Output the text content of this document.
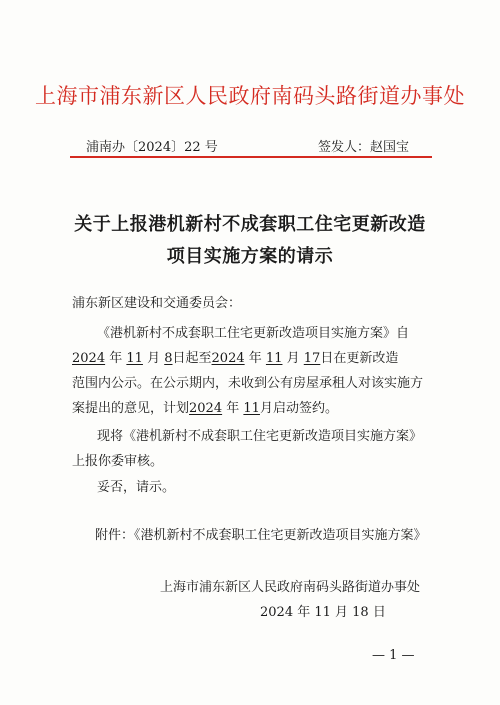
上海市浦东新区人民政府南码头路街道办事处
浦南办〔2024〕22 号	签发人：赵国宝
关于上报港机新村不成套职工住宅更新改造
项目实施方案的请示
浦东新区建设和交通委员会：
《港机新村不成套职工住宅更新改造项目实施方案》自
2024 年 11 月 8日起至2024 年 11 月 17日在更新改造
范围内公示。在公示期内，未收到公有房屋承租人对该实施方
案提出的意见，计划2024 年 11月启动签约。
现将《港机新村不成套职工住宅更新改造项目实施方案》
上报你委审核。
妥否，请示。
附件：《港机新村不成套职工住宅更新改造项目实施方案》
上海市浦东新区人民政府南码头路街道办事处
2024 年 11 月 18 日
— 1 —
